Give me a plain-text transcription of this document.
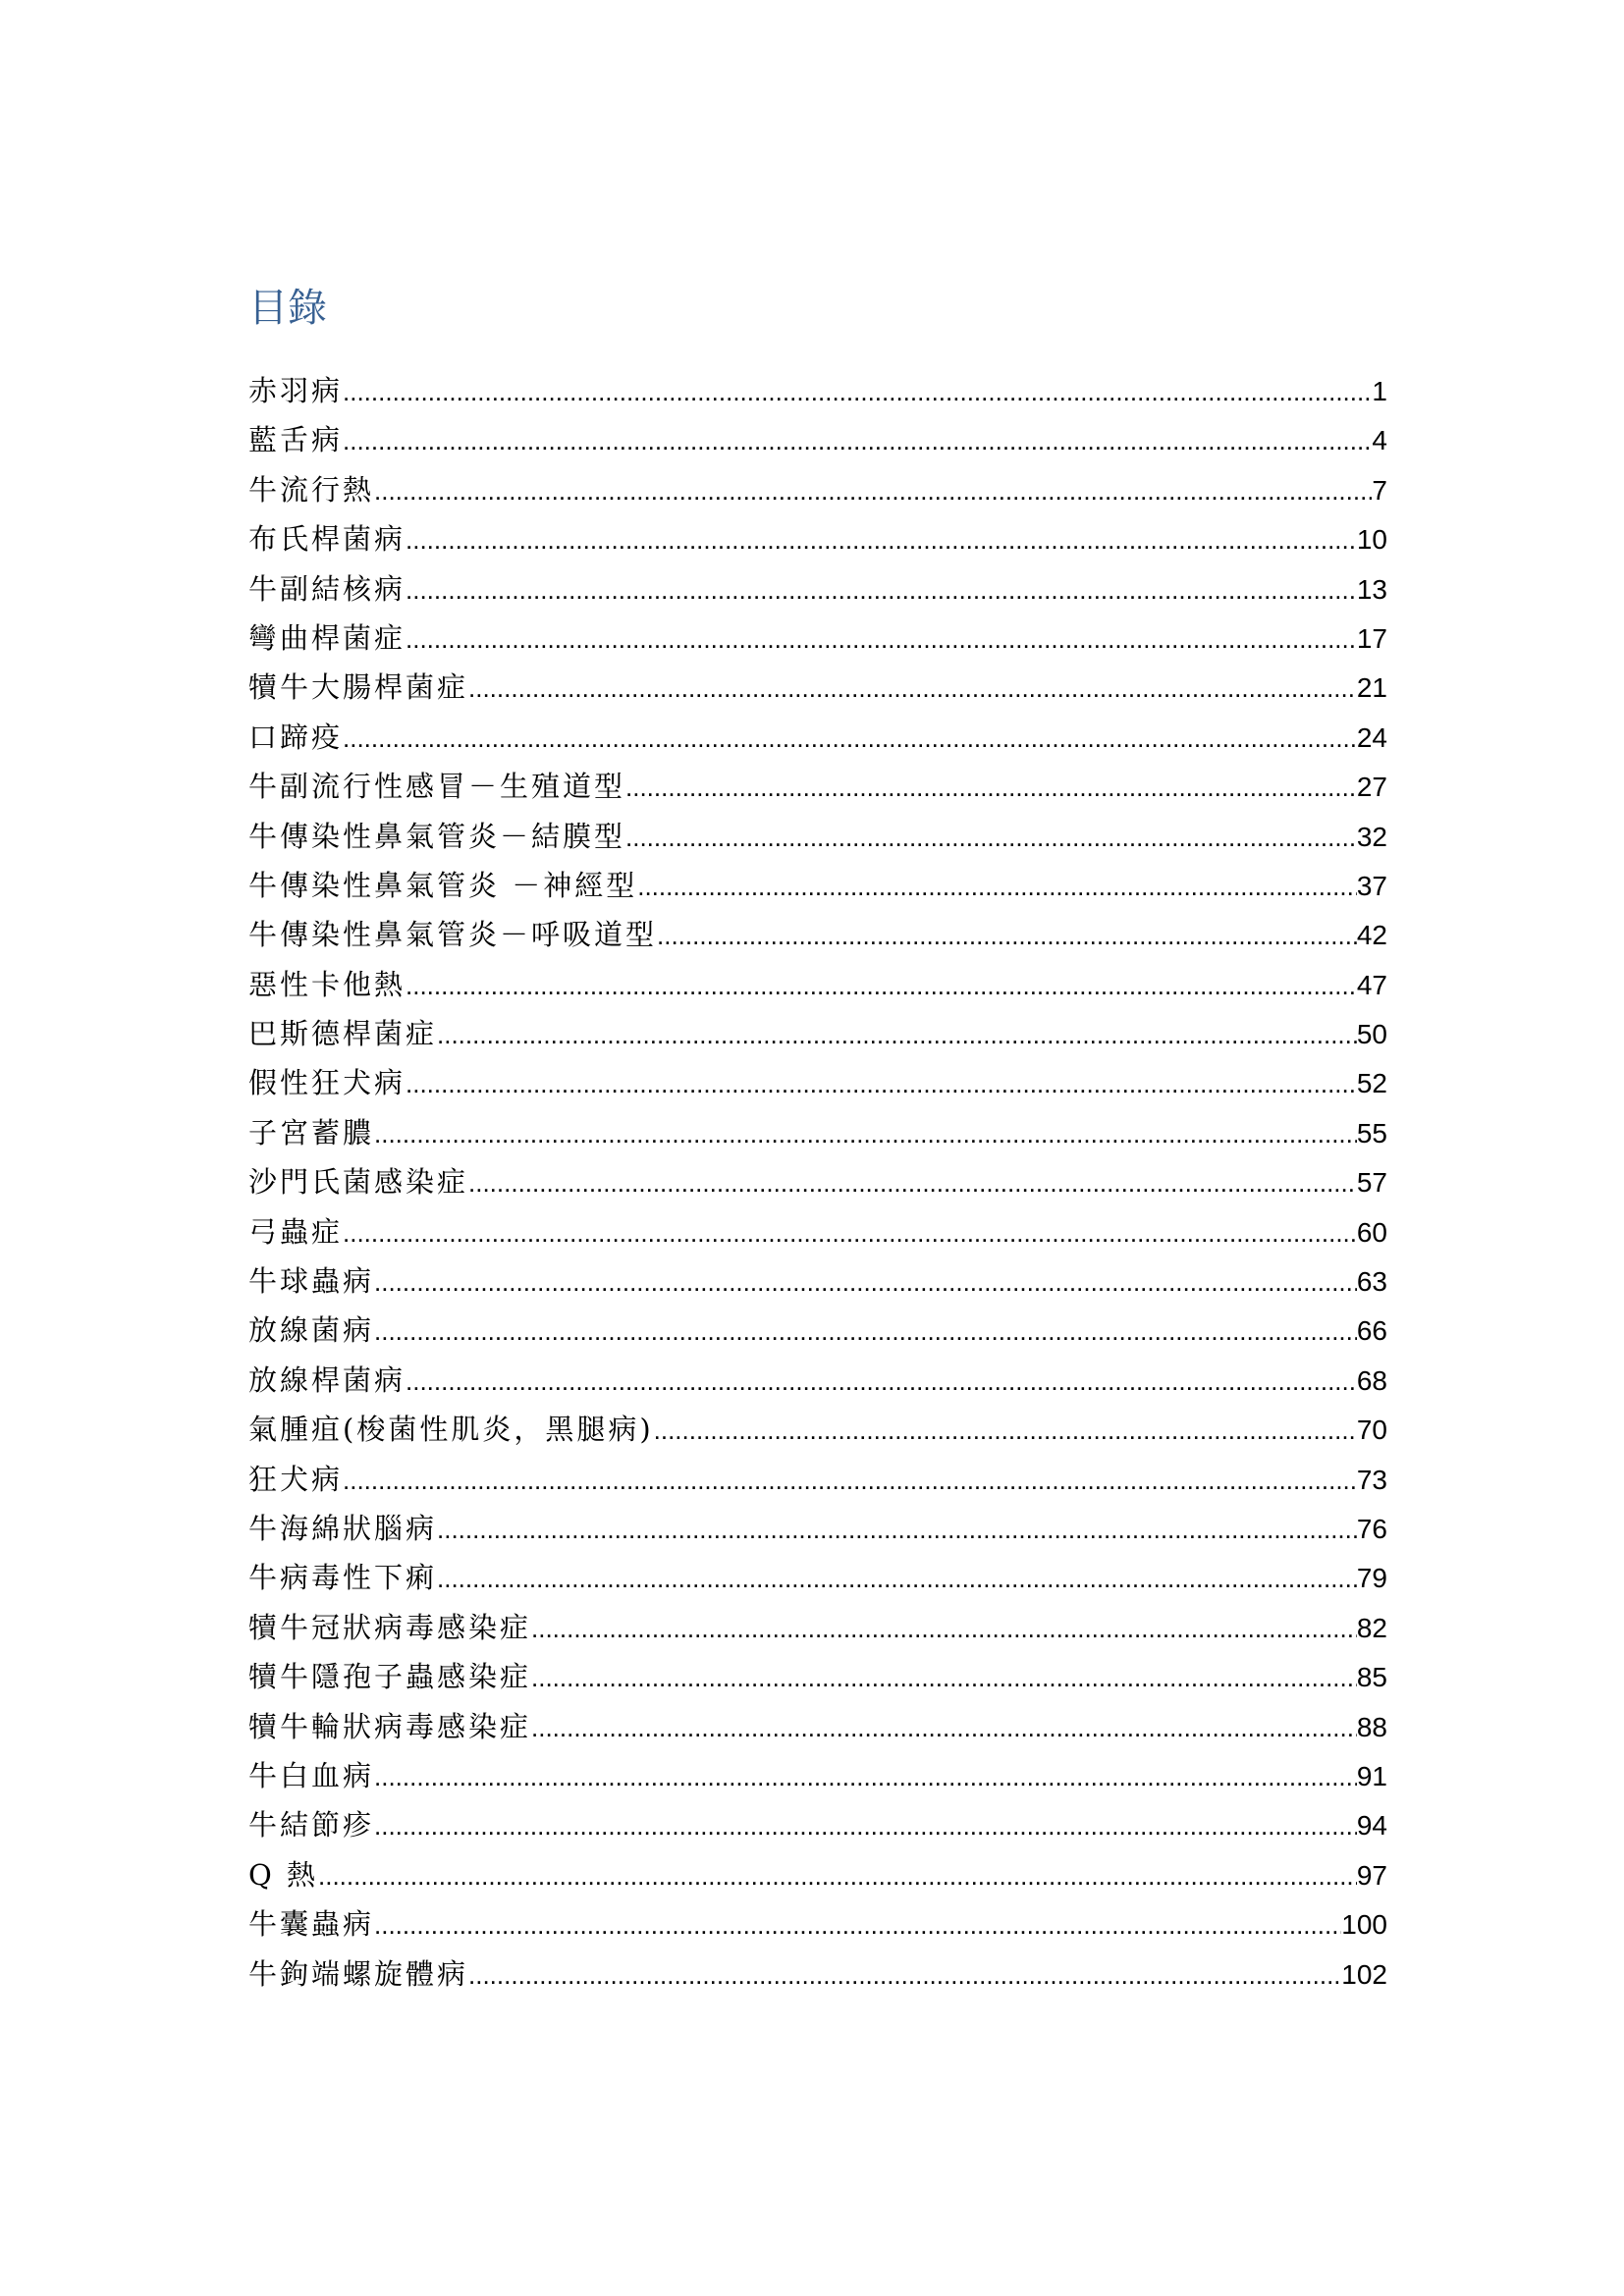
目錄
赤羽病 .....	1
藍舌病 .....	4
牛流行熱 .....	7
布氏桿菌病 .....	10
牛副結核病 .....	13
彎曲桿菌症 .....	17
犢牛大腸桿菌症 .....	21
口蹄疫 .....	24
牛副流行性感冒－生殖道型 .....	27
牛傳染性鼻氣管炎－結膜型 .....	32
牛傳染性鼻氣管炎 －神經型 .....	37
牛傳染性鼻氣管炎－呼吸道型 .....	42
惡性卡他熱 .....	47
巴斯德桿菌症 .....	50
假性狂犬病 .....	52
子宮蓄膿 .....	55
沙門氏菌感染症 .....	57
弓蟲症 .....	60
牛球蟲病 .....	63
放線菌病 .....	66
放線桿菌病 .....	68
氣腫疽(梭菌性肌炎，黑腿病) .....	70
狂犬病 .....	73
牛海綿狀腦病 .....	76
牛病毒性下痢 .....	79
犢牛冠狀病毒感染症 .....	82
犢牛隱孢子蟲感染症 .....	85
犢牛輪狀病毒感染症 .....	88
牛白血病 .....	91
牛結節疹 .....	94
Q 熱 .....	97
牛囊蟲病 .....	100
牛鉤端螺旋體病 .....	102
